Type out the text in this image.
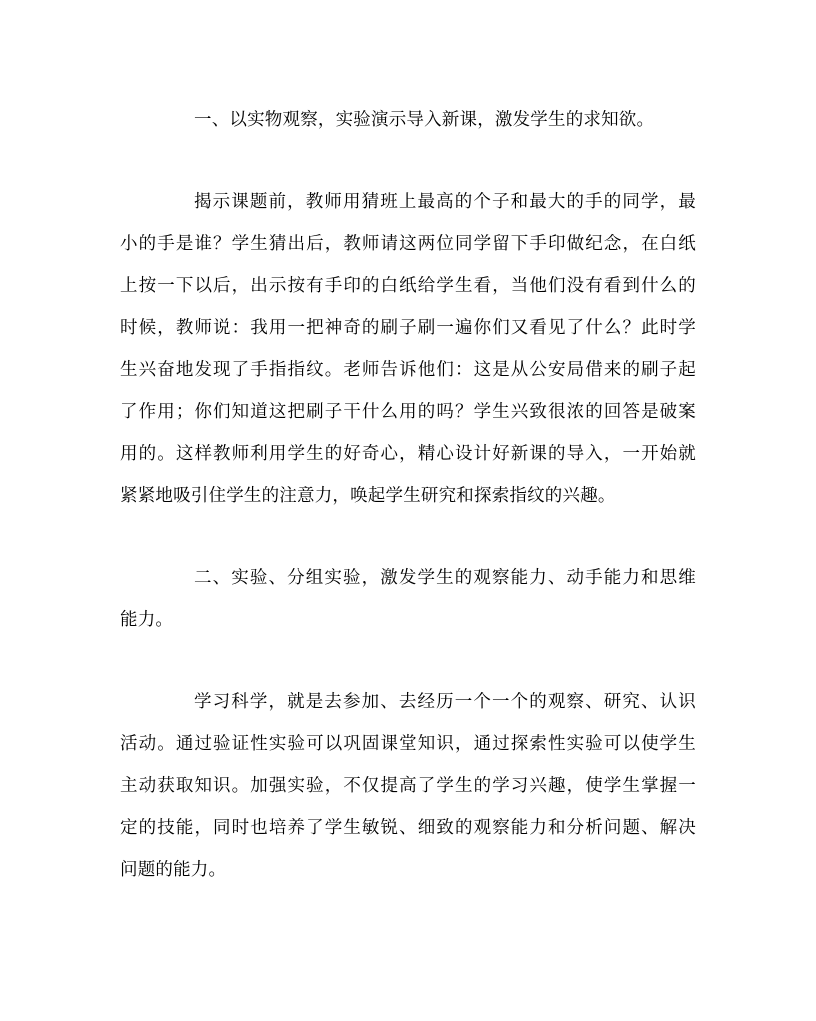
一、以实物观察，实验演示导入新课，激发学生的求知欲。
揭示课题前，教师用猜班上最高的个子和最大的手的同学，最
小的手是谁？学生猜出后，教师请这两位同学留下手印做纪念，在白纸
上按一下以后，出示按有手印的白纸给学生看，当他们没有看到什么的
时候，教师说：我用一把神奇的刷子刷一遍你们又看见了什么？此时学
生兴奋地发现了手指指纹。老师告诉他们：这是从公安局借来的刷子起
了作用；你们知道这把刷子干什么用的吗？学生兴致很浓的回答是破案
用的。这样教师利用学生的好奇心，精心设计好新课的导入，一开始就
紧紧地吸引住学生的注意力，唤起学生研究和探索指纹的兴趣。
二、实验、分组实验，激发学生的观察能力、动手能力和思维
能力。
学习科学，就是去参加、去经历一个一个的观察、研究、认识
活动。通过验证性实验可以巩固课堂知识，通过探索性实验可以使学生
主动获取知识。加强实验，不仅提高了学生的学习兴趣，使学生掌握一
定的技能，同时也培养了学生敏锐、细致的观察能力和分析问题、解决
问题的能力。
